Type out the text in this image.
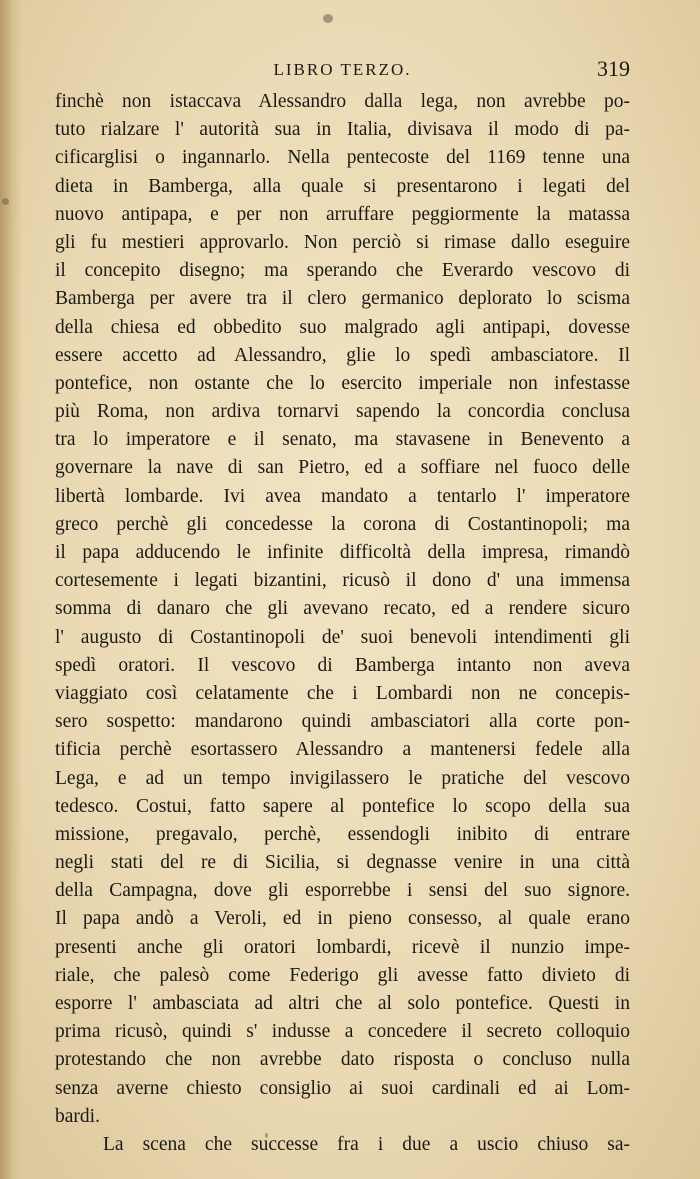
LIBRO TERZO.	319
finchè non istaccava Alessandro dalla lega, non avrebbe po-
tuto rialzare l' autorità sua in Italia, divisava il modo di pa-
cificarglisi o ingannarlo. Nella pentecoste del 1169 tenne una
dieta in Bamberga, alla quale si presentarono i legati del
nuovo antipapa, e per non arruffare peggiormente la matassa
gli fu mestieri approvarlo. Non perciò si rimase dallo eseguire
il concepito disegno; ma sperando che Everardo vescovo di
Bamberga per avere tra il clero germanico deplorato lo scisma
della chiesa ed obbedito suo malgrado agli antipapi, dovesse
essere accetto ad Alessandro, glie lo spedì ambasciatore. Il
pontefice, non ostante che lo esercito imperiale non infestasse
più Roma, non ardiva tornarvi sapendo la concordia conclusa
tra lo imperatore e il senato, ma stavasene in Benevento a
governare la nave di san Pietro, ed a soffiare nel fuoco delle
libertà lombarde. Ivi avea mandato a tentarlo l' imperatore
greco perchè gli concedesse la corona di Costantinopoli; ma
il papa adducendo le infinite difficoltà della impresa, rimandò
cortesemente i legati bizantini, ricusò il dono d' una immensa
somma di danaro che gli avevano recato, ed a rendere sicuro
l' augusto di Costantinopoli de' suoi benevoli intendimenti gli
spedì oratori. Il vescovo di Bamberga intanto non aveva
viaggiato così celatamente che i Lombardi non ne concepis-
sero sospetto: mandarono quindi ambasciatori alla corte pon-
tificia perchè esortassero Alessandro a mantenersi fedele alla
Lega, e ad un tempo invigilassero le pratiche del vescovo
tedesco. Costui, fatto sapere al pontefice lo scopo della sua
missione, pregavalo, perchè, essendogli inibito di entrare
negli stati del re di Sicilia, si degnasse venire in una città
della Campagna, dove gli esporrebbe i sensi del suo signore.
Il papa andò a Veroli, ed in pieno consesso, al quale erano
presenti anche gli oratori lombardi, ricevè il nunzio impe-
riale, che palesò come Federigo gli avesse fatto divieto di
esporre l' ambasciata ad altri che al solo pontefice. Questi in
prima ricusò, quindi s' indusse a concedere il secreto colloquio
protestando che non avrebbe dato risposta o concluso nulla
senza averne chiesto consiglio ai suoi cardinali ed ai Lom-
bardi.
La scena che successe fra i due a uscio chiuso sa-
